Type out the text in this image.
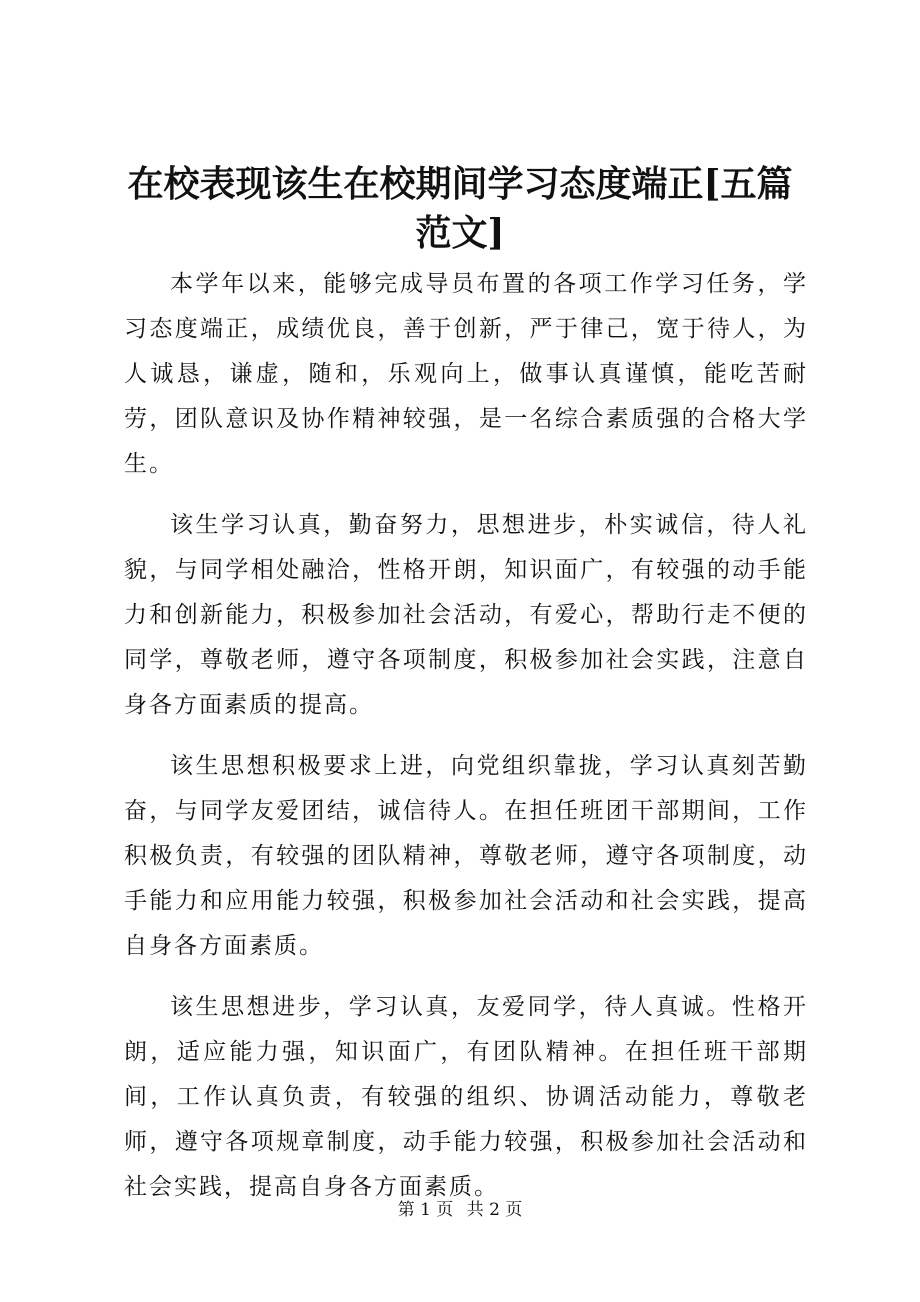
在校表现该生在校期间学习态度端正[五篇范文]

本学年以来，能够完成导员布置的各项工作学习任务，学习态度端正，成绩优良，善于创新，严于律己，宽于待人，为人诚恳，谦虚，随和，乐观向上，做事认真谨慎，能吃苦耐劳，团队意识及协作精神较强，是一名综合素质强的合格大学生。

该生学习认真，勤奋努力，思想进步，朴实诚信，待人礼貌，与同学相处融洽，性格开朗，知识面广，有较强的动手能力和创新能力，积极参加社会活动，有爱心，帮助行走不便的同学，尊敬老师，遵守各项制度，积极参加社会实践，注意自身各方面素质的提高。

该生思想积极要求上进，向党组织靠拢，学习认真刻苦勤奋，与同学友爱团结，诚信待人。在担任班团干部期间，工作积极负责，有较强的团队精神，尊敬老师，遵守各项制度，动手能力和应用能力较强，积极参加社会活动和社会实践，提高自身各方面素质。

该生思想进步，学习认真，友爱同学，待人真诚。性格开朗，适应能力强，知识面广，有团队精神。在担任班干部期间，工作认真负责，有较强的组织、协调活动能力，尊敬老师，遵守各项规章制度，动手能力较强，积极参加社会活动和社会实践，提高自身各方面素质。

第 1 页 共 2 页
